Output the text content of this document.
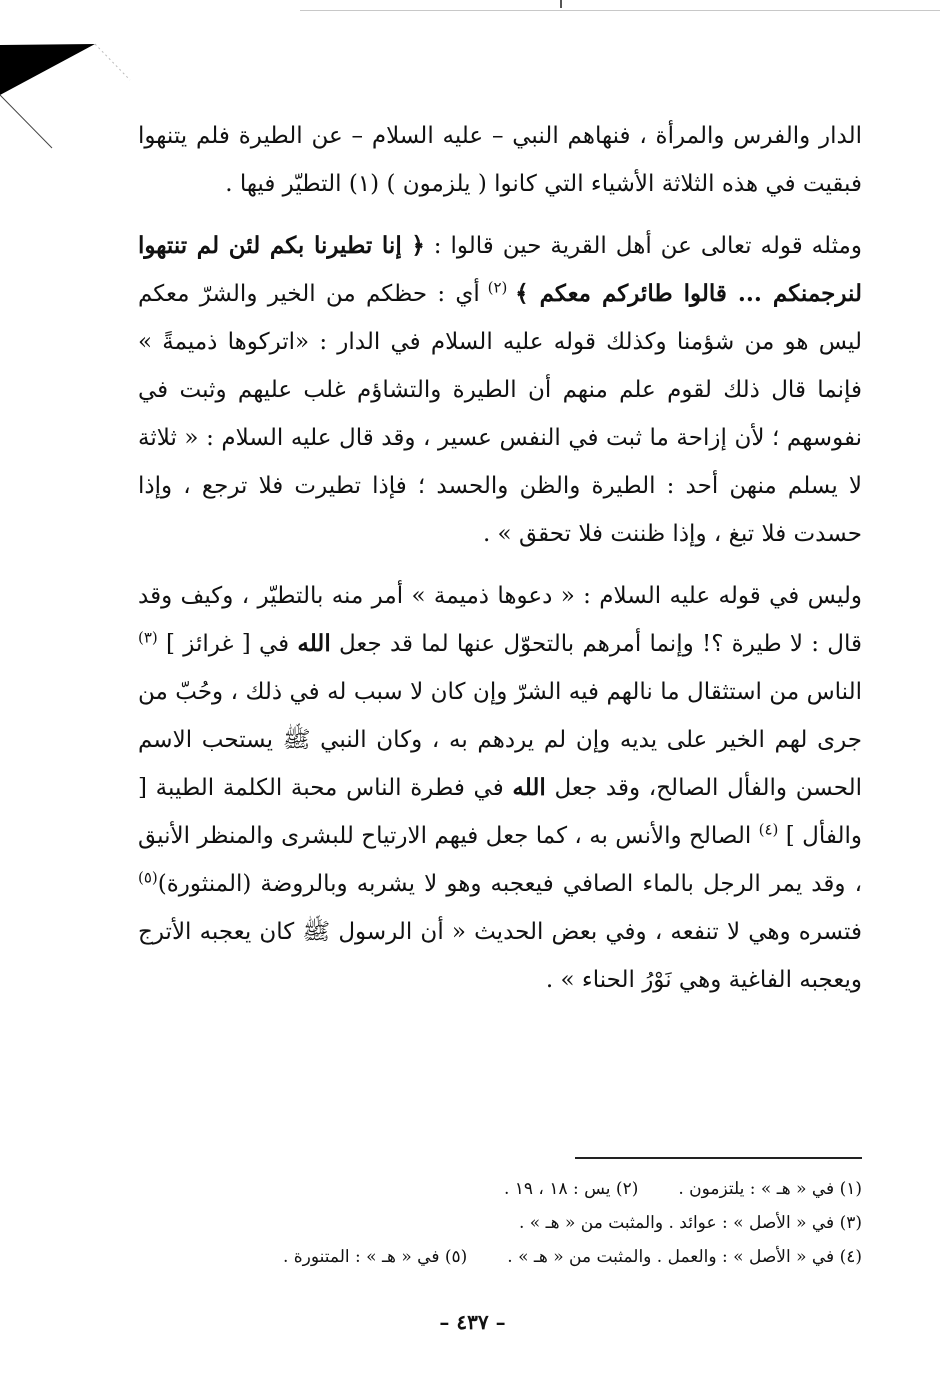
الدار والفرس والمرأة ، فنهاهم النبي – عليه السلام – عن الطيرة فلم يتنهوا فبقيت في هذه الثلاثة الأشياء التي كانوا ( يلزمون ) (١) التطيّر فيها .

ومثله قوله تعالى عن أهل القرية حين قالوا : ﴿ إنا تطيرنا بكم لئن لم تنتهوا لنرجمنكم ... قالوا طائركم معكم ﴾ $^{(٢)}$ أي : حظكم من الخير والشرّ معكم ليس هو من شؤمنا وكذلك قوله عليه السلام في الدار : «اتركوها ذميمةً » فإنما قال ذلك لقوم علم منهم أن الطيرة والتشاؤم غلب عليهم وثبت في نفوسهم ؛ لأن إزاحة ما ثبت في النفس عسير ، وقد قال عليه السلام : « ثلاثة لا يسلم منهن أحد : الطيرة والظن والحسد ؛ فإذا تطيرت فلا ترجع ، وإذا حسدت فلا تبغ ، وإذا ظننت فلا تحقق » .

وليس في قوله عليه السلام : « دعوها ذميمة » أمر منه بالتطيّر ، وكيف وقد قال : لا طيرة ؟! وإنما أمرهم بالتحوّل عنها لما قد جعل الله في [ غرائز ] $^{(٣)}$ الناس من استثقال ما نالهم فيه الشرّ وإن كان لا سبب له في ذلك ، وحُبّ من جرى لهم الخير على يديه وإن لم يردهم به ، وكان النبي ﷺ يستحب الاسم الحسن والفأل الصالح، وقد جعل الله في فطرة الناس محبة الكلمة الطيبة [ والفأل ] $^{(٤)}$ الصالح والأنس به ، كما جعل فيهم الارتياح للبشرى والمنظر الأنيق ، وقد يمر الرجل بالماء الصافي فيعجبه وهو لا يشربه وبالروضة (المنثورة)$^{(٥)}$ فتسره وهي لا تنفعه ، وفي بعض الحديث « أن الرسول ﷺ كان يعجبه الأترج ويعجبه الفاغية وهي نَوْرُ الحناء » .

(١) في « هـ » : يلتزمون .(٢) يس : ١٨ ، ١٩ .
(٣) في « الأصل » : عوائد . والمثبت من « هـ » .
(٤) في « الأصل » : والعمل . والمثبت من « هـ » .(٥) في « هـ » : المتنورة .
– ٤٣٧ –
